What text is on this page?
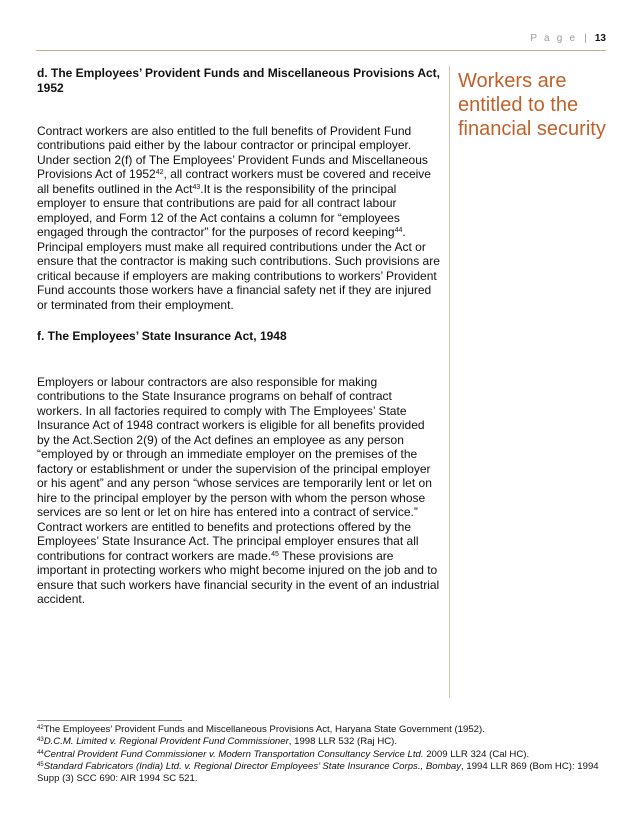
P a g e | 13
d. The Employees’ Provident Funds and Miscellaneous Provisions Act, 1952
Contract workers are also entitled to the full benefits of Provident Fund contributions paid either by the labour contractor or principal employer. Under section 2(f) of The Employees’ Provident Funds and Miscellaneous Provisions Act of 1952$^{42}$, all contract workers must be covered and receive all benefits outlined in the Act$^{43}$.It is the responsibility of the principal employer to ensure that contributions are paid for all contract labour employed, and Form 12 of the Act contains a column for “employees engaged through the contractor” for the purposes of record keeping$^{44}$. Principal employers must make all required contributions under the Act or ensure that the contractor is making such contributions. Such provisions are critical because if employers are making contributions to workers’ Provident Fund accounts those workers have a financial safety net if they are injured or terminated from their employment.
f. The Employees’ State Insurance Act, 1948
Employers or labour contractors are also responsible for making contributions to the State Insurance programs on behalf of contract workers. In all factories required to comply with The Employees’ State Insurance Act of 1948 contract workers is eligible for all benefits provided by the Act.Section 2(9) of the Act defines an employee as any person “employed by or through an immediate employer on the premises of the factory or establishment or under the supervision of the principal employer or his agent” and any person “whose services are temporarily lent or let on hire to the principal employer by the person with whom the person whose services are so lent or let on hire has entered into a contract of service.” Contract workers are entitled to benefits and protections offered by the Employees’ State Insurance Act. The principal employer ensures that all contributions for contract workers are made.$^{45}$ These provisions are important in protecting workers who might become injured on the job and to ensure that such workers have financial security in the event of an industrial accident.
Workers are entitled to the financial security
$^{42}$The Employees’ Provident Funds and Miscellaneous Provisions Act, Haryana State Government (1952).
$^{43}$D.C.M. Limited v. Regional Provident Fund Commissioner, 1998 LLR 532 (Raj HC).
$^{44}$Central Provident Fund Commissioner v. Modern Transportation Consultancy Service Ltd. 2009 LLR 324 (Cal HC).
$^{45}$Standard Fabricators (India) Ltd. v. Regional Director Employees’ State Insurance Corps., Bombay, 1994 LLR 869 (Bom HC): 1994 Supp (3) SCC 690: AIR 1994 SC 521.
